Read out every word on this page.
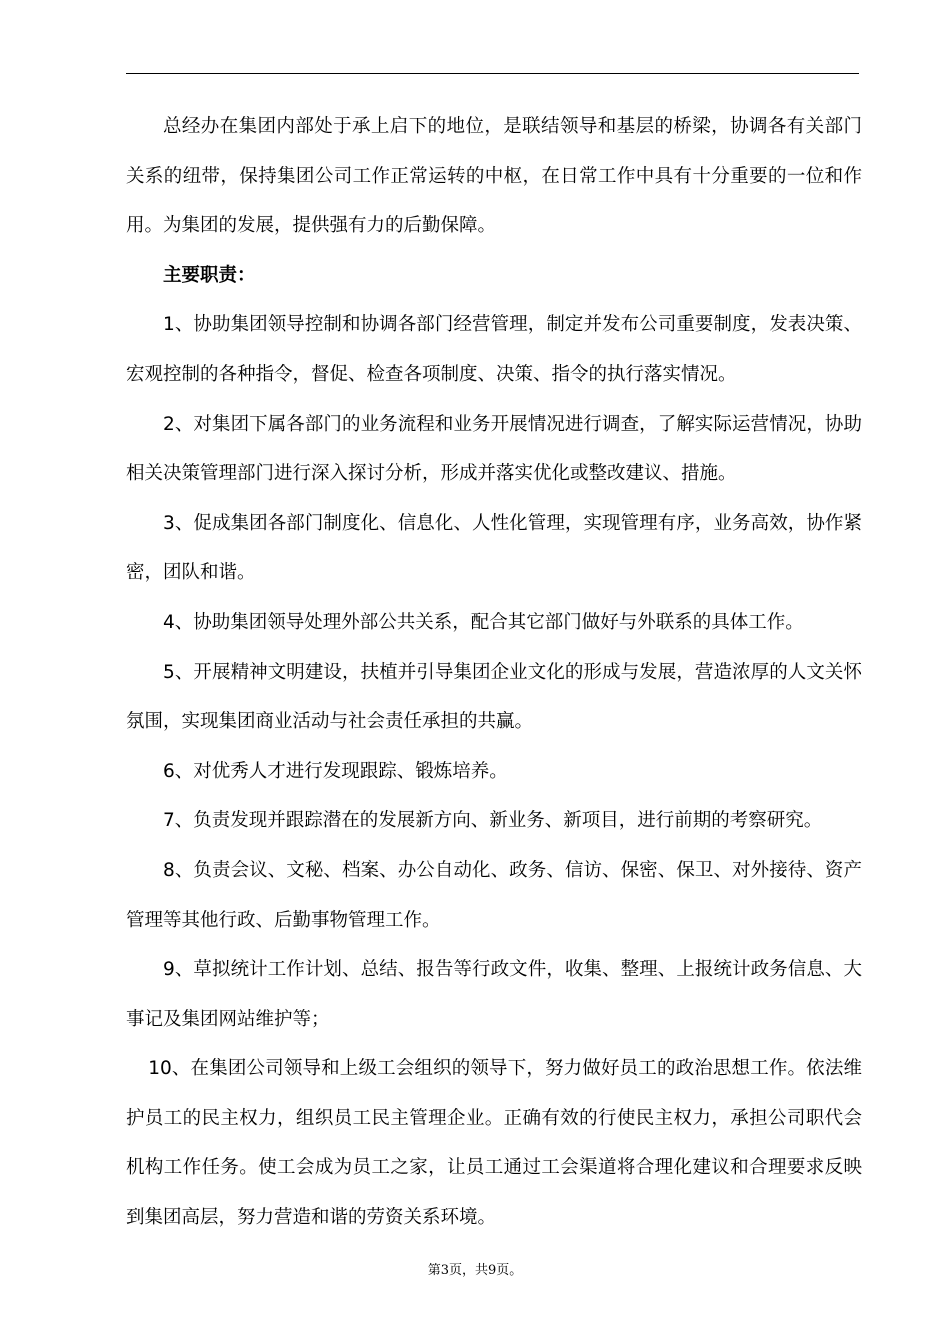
总经办在集团内部处于承上启下的地位，是联结领导和基层的桥梁，协调各有关部门关系的纽带，保持集团公司工作正常运转的中枢，在日常工作中具有十分重要的一位和作用。为集团的发展，提供强有力的后勤保障。

主要职责：

1、协助集团领导控制和协调各部门经营管理，制定并发布公司重要制度，发表决策、宏观控制的各种指令，督促、检查各项制度、决策、指令的执行落实情况。

2、对集团下属各部门的业务流程和业务开展情况进行调查，了解实际运营情况，协助相关决策管理部门进行深入探讨分析，形成并落实优化或整改建议、措施。

3、促成集团各部门制度化、信息化、人性化管理，实现管理有序，业务高效，协作紧密，团队和谐。

4、协助集团领导处理外部公共关系，配合其它部门做好与外联系的具体工作。

5、开展精神文明建设，扶植并引导集团企业文化的形成与发展，营造浓厚的人文关怀氛围，实现集团商业活动与社会责任承担的共赢。

6、对优秀人才进行发现跟踪、锻炼培养。

7、负责发现并跟踪潜在的发展新方向、新业务、新项目，进行前期的考察研究。

8、负责会议、文秘、档案、办公自动化、政务、信访、保密、保卫、对外接待、资产管理等其他行政、后勤事物管理工作。

9、草拟统计工作计划、总结、报告等行政文件，收集、整理、上报统计政务信息、大事记及集团网站维护等；

10、在集团公司领导和上级工会组织的领导下，努力做好员工的政治思想工作。依法维护员工的民主权力，组织员工民主管理企业。正确有效的行使民主权力，承担公司职代会机构工作任务。使工会成为员工之家，让员工通过工会渠道将合理化建议和合理要求反映到集团高层，努力营造和谐的劳资关系环境。

第3页，共9页。
